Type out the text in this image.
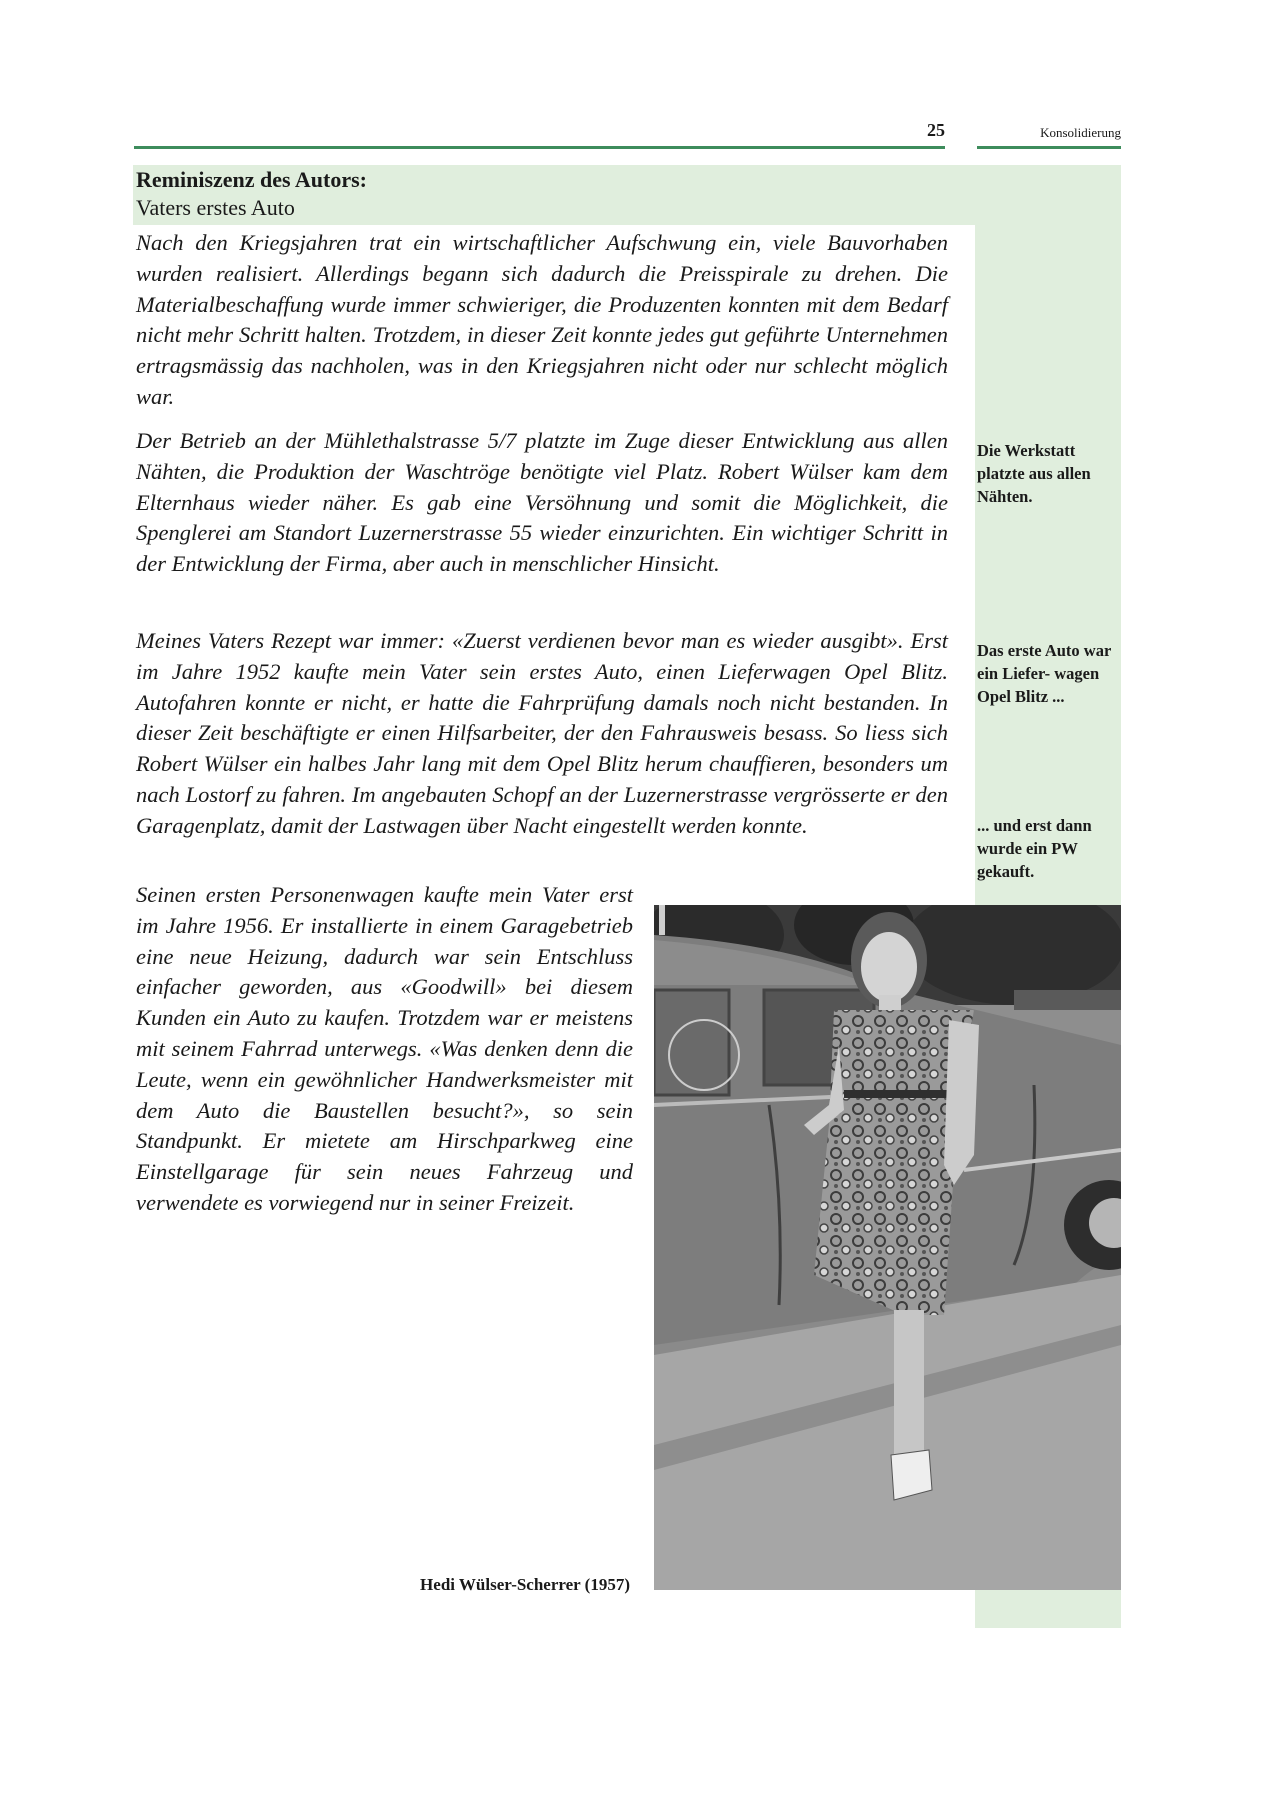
25	Konsolidierung
Reminiszenz des Autors:
Vaters erstes Auto

Nach den Kriegsjahren trat ein wirtschaftlicher Aufschwung ein, viele Bauvorhaben wurden realisiert. Allerdings begann sich dadurch die Preisspirale zu drehen. Die Materialbeschaffung wurde immer schwieriger, die Produzenten konnten mit dem Bedarf nicht mehr Schritt halten. Trotzdem, in dieser Zeit konnte jedes gut geführte Unternehmen ertragsmässig das nachholen, was in den Kriegsjahren nicht oder nur schlecht möglich war.

Der Betrieb an der Mühlethalstrasse 5/7 platzte im Zuge dieser Entwicklung aus allen Nähten, die Produktion der Waschtröge benötigte viel Platz. Robert Wülser kam dem Elternhaus wieder näher. Es gab eine Versöhnung und somit die Möglichkeit, die Spenglerei am Standort Luzernerstrasse 55 wieder einzurichten. Ein wichtiger Schritt in der Entwicklung der Firma, aber auch in menschlicher Hinsicht.

Meines Vaters Rezept war immer: «Zuerst verdienen bevor man es wieder ausgibt». Erst im Jahre 1952 kaufte mein Vater sein erstes Auto, einen Lieferwagen Opel Blitz. Autofahren konnte er nicht, er hatte die Fahrprüfung damals noch nicht bestanden. In dieser Zeit beschäftigte er einen Hilfsarbeiter, der den Fahrausweis besass. So liess sich Robert Wülser ein halbes Jahr lang mit dem Opel Blitz herum chauffieren, besonders um nach Lostorf zu fahren. Im angebauten Schopf an der Luzernerstrasse vergrösserte er den Garagenplatz, damit der Lastwagen über Nacht eingestellt werden konnte.

Seinen ersten Personenwagen kaufte mein Vater erst im Jahre 1956. Er installierte in einem Garagebetrieb eine neue Heizung, dadurch war sein Entschluss einfacher geworden, aus «Goodwill» bei diesem Kunden ein Auto zu kaufen. Trotzdem war er meistens mit seinem Fahrrad unterwegs. «Was denken denn die Leute, wenn ein gewöhnlicher Handwerksmeister mit dem Auto die Baustellen besucht?», so sein Standpunkt. Er mietete am Hirschparkweg eine Einstellgarage für sein neues Fahrzeug und verwendete es vorwiegend nur in seiner Freizeit.

Die Werkstatt platzte aus allen Nähten.

Das erste Auto war ein Liefer- wagen Opel Blitz ...

... und erst dann wurde ein PW gekauft.

Hedi Wülser-Scherrer (1957)
